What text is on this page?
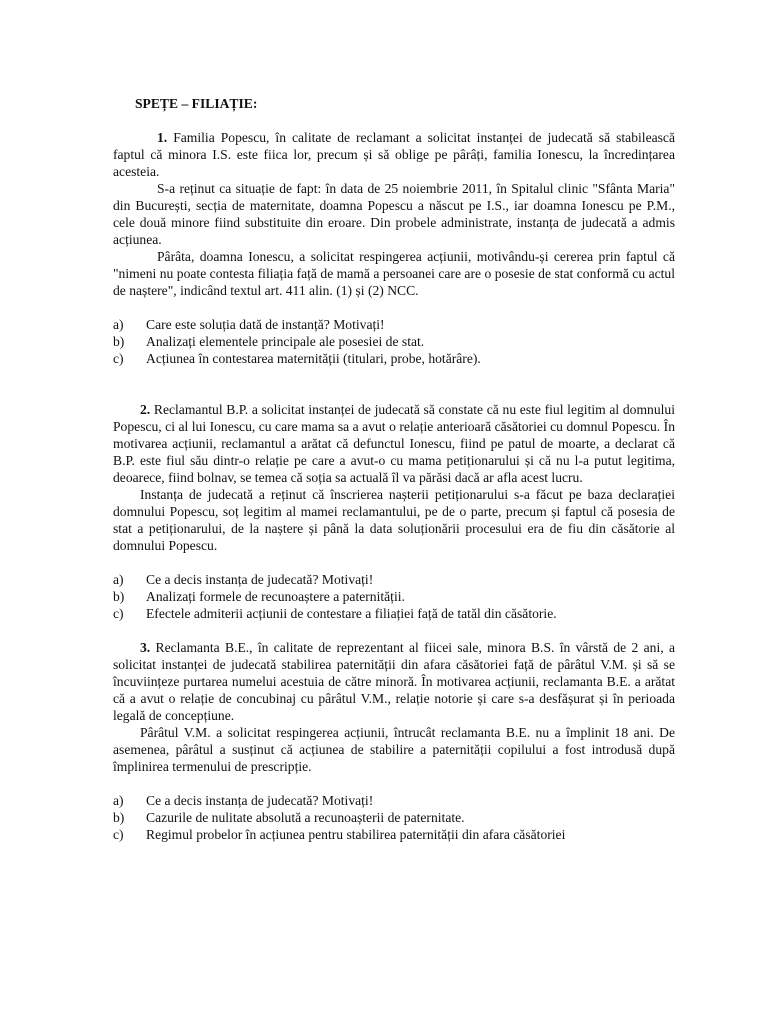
SPEȚE – FILIAȚIE:

1. Familia Popescu, în calitate de reclamant a solicitat instanței de judecată să stabilească faptul că minora I.S. este fiica lor, precum și să oblige pe pârâți, familia Ionescu, la încredințarea acesteia.

S-a reținut ca situație de fapt: în data de 25 noiembrie 2011, în Spitalul clinic "Sfânta Maria" din București, secția de maternitate, doamna Popescu a născut pe I.S., iar doamna Ionescu pe P.M., cele două minore fiind substituite din eroare. Din probele administrate, instanța de judecată a admis acțiunea.

Pârâta, doamna Ionescu, a solicitat respingerea acțiunii, motivându-și cererea prin faptul că "nimeni nu poate contesta filiația față de mamă a persoanei care are o posesie de stat conformă cu actul de naștere", indicând textul art. 411 alin. (1) și (2) NCC.

a) Care este soluția dată de instanță? Motivați!
b) Analizați elementele principale ale posesiei de stat.
c) Acțiunea în contestarea maternității (titulari, probe, hotărâre).

2. Reclamantul B.P. a solicitat instanței de judecată să constate că nu este fiul legitim al domnului Popescu, ci al lui Ionescu, cu care mama sa a avut o relație anterioară căsătoriei cu domnul Popescu. În motivarea acțiunii, reclamantul a arătat că defunctul Ionescu, fiind pe patul de moarte, a declarat că B.P. este fiul său dintr-o relație pe care a avut-o cu mama petiționarului și că nu l-a putut legitima, deoarece, fiind bolnav, se temea că soția sa actuală îl va părăsi dacă ar afla acest lucru.

Instanța de judecată a reținut că înscrierea nașterii petiționarului s-a făcut pe baza declarației domnului Popescu, soț legitim al mamei reclamantului, pe de o parte, precum și faptul că posesia de stat a petiționarului, de la naștere și până la data soluționării procesului era de fiu din căsătorie al domnului Popescu.

a) Ce a decis instanța de judecată? Motivați!
b) Analizați formele de recunoaștere a paternității.
c) Efectele admiterii acțiunii de contestare a filiației față de tatăl din căsătorie.

3. Reclamanta B.E., în calitate de reprezentant al fiicei sale, minora B.S. în vârstă de 2 ani, a solicitat instanței de judecată stabilirea paternității din afara căsătoriei față de pârâtul V.M. și să se încuviințeze purtarea numelui acestuia de către minoră. În motivarea acțiunii, reclamanta B.E. a arătat că a avut o relație de concubinaj cu pârâtul V.M., relație notorie și care s-a desfășurat și în perioada legală de concepțiune.

Pârâtul V.M. a solicitat respingerea acțiunii, întrucât reclamanta B.E. nu a împlinit 18 ani. De asemenea, pârâtul a susținut că acțiunea de stabilire a paternității copilului a fost introdusă după împlinirea termenului de prescripție.

a) Ce a decis instanța de judecată? Motivați!
b) Cazurile de nulitate absolută a recunoașterii de paternitate.
c) Regimul probelor în acțiunea pentru stabilirea paternității din afara căsătoriei
